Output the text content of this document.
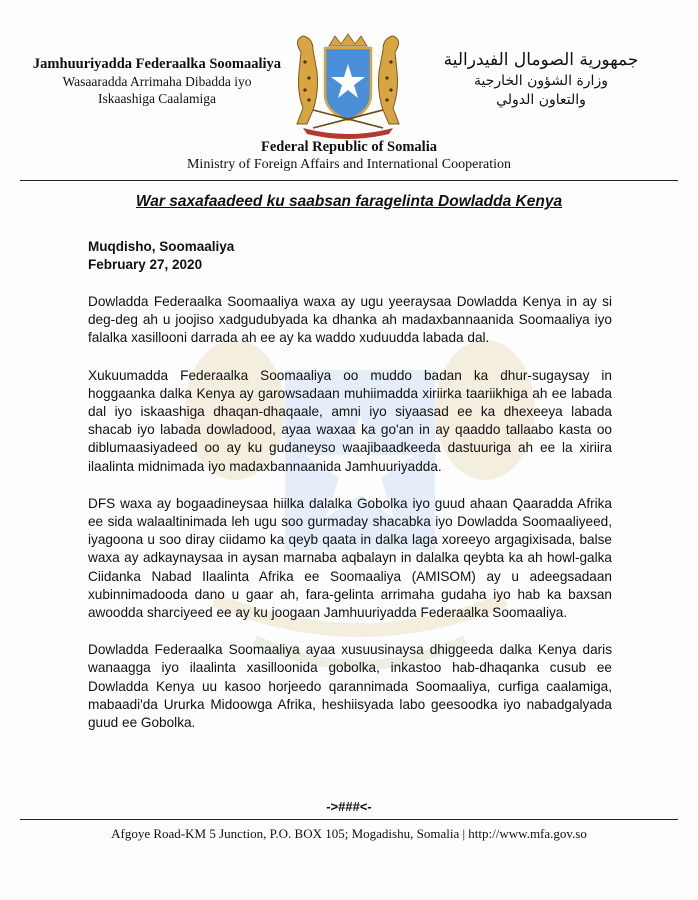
Jamhuuriyadda Federaalka Soomaaliya
Wasaaradda Arrimaha Dibadda iyo
Iskaashiga Caalamiga
جمهورية الصومال الفيدرالية
وزارة الشؤون الخارجية
والتعاون الدولي
Federal Republic of Somalia
Ministry of Foreign Affairs and International Cooperation
War saxafaadeed ku saabsan faragelinta Dowladda Kenya
Muqdisho, Soomaaliya
February 27, 2020

Dowladda Federaalka Soomaaliya waxa ay ugu yeeraysaa Dowladda Kenya in ay si deg-deg ah u joojiso xadgudubyada ka dhanka ah madaxbannaanida Soomaaliya iyo falalka xasillooni darrada ah ee ay ka waddo xuduudda labada dal.

Xukuumadda Federaalka Soomaaliya oo muddo badan ka dhur-sugaysay in hoggaanka dalka Kenya ay garowsadaan muhiimadda xiriirka taariikhiga ah ee labada dal iyo iskaashiga dhaqan-dhaqaale, amni iyo siyaasad ee ka dhexeeya labada shacab iyo labada dowladood, ayaa waxaa ka go'an in ay qaaddo tallaabo kasta oo diblumaasiyadeed oo ay ku gudaneyso waajibaadkeeda dastuuriga ah ee la xiriira ilaalinta midnimada iyo madaxbannaanida Jamhuuriyadda.

DFS waxa ay bogaadineysaa hiilka dalalka Gobolka iyo guud ahaan Qaaradda Afrika ee sida walaaltinimada leh ugu soo gurmaday shacabka iyo Dowladda Soomaaliyeed, iyagoona u soo diray ciidamo ka qeyb qaata in dalka laga xoreeyo argagixisada, balse waxa ay adkaynaysaa in aysan marnaba aqbalayn in dalalka qeybta ka ah howl-galka Ciidanka Nabad Ilaalinta Afrika ee Soomaaliya (AMISOM) ay u adeegsadaan xubinnimadooda dano u gaar ah, fara-gelinta arrimaha gudaha iyo hab ka baxsan awoodda sharciyeed ee ay ku joogaan Jamhuuriyadda Federaalka Soomaaliya.

Dowladda Federaalka Soomaaliya ayaa xusuusinaysa dhiggeeda dalka Kenya daris wanaagga iyo ilaalinta xasilloonida gobolka, inkastoo hab-dhaqanka cusub ee Dowladda Kenya uu kasoo horjeedo qarannimada Soomaaliya, curfiga caalamiga, mabaadi'da Ururka Midoowga Afrika, heshiisyada labo geesoodka iyo nabadgalyada guud ee Gobolka.

->###<-
Afgoye Road-KM 5 Junction, P.O. BOX 105; Mogadishu, Somalia | http://www.mfa.gov.so
